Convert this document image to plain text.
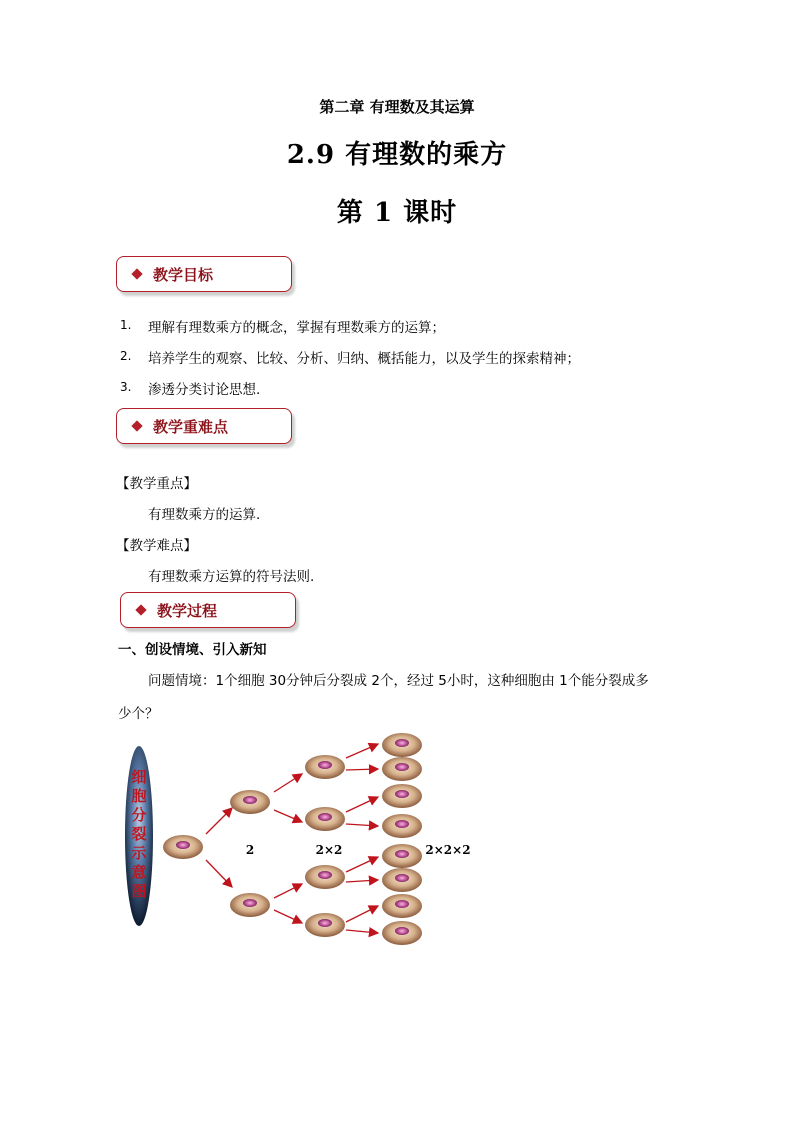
第二章 有理数及其运算
2.9 有理数的乘方
第 1 课时
教学目标
1. 理解有理数乘方的概念，掌握有理数乘方的运算；
2. 培养学生的观察、比较、分析、归纳、概括能力，以及学生的探索精神；
3. 渗透分类讨论思想.
教学重难点
【教学重点】
有理数乘方的运算.
【教学难点】
有理数乘方运算的符号法则.
教学过程
一、创设情境、引入新知
问题情境：1个细胞 30分钟后分裂成 2个，经过 5小时，这种细胞由 1个能分裂成多
少个？
2	2×2	2×2×2
细胞分裂示意图
